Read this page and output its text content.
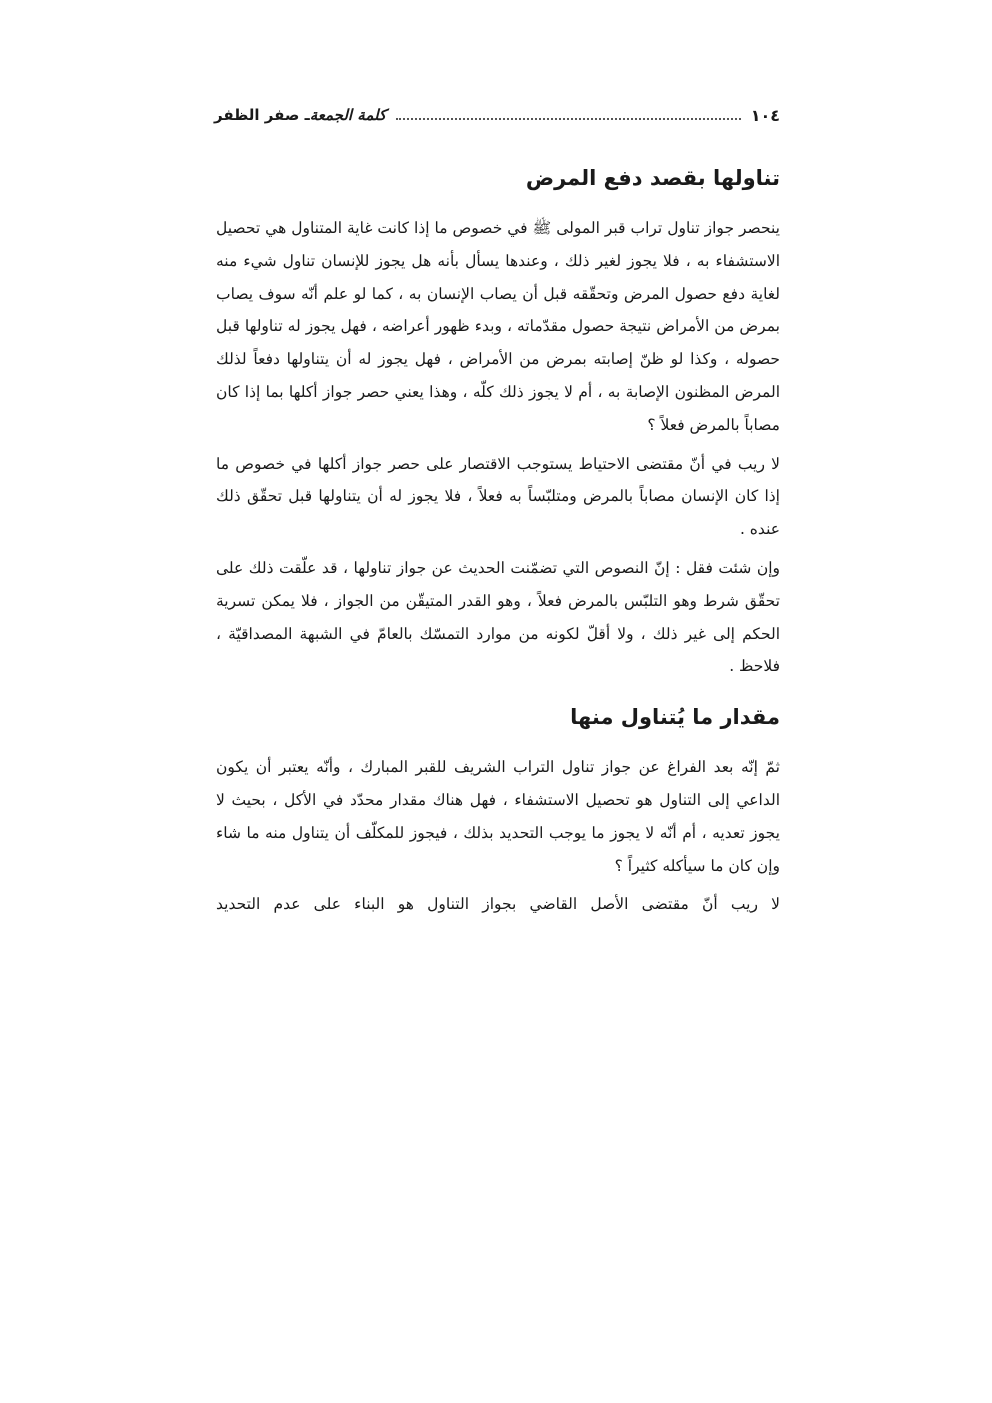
١٠٤
كلمة الجمعةـ صفر الظفر
تناولها بقصد دفع المرض

ينحصر جواز تناول تراب قبر المولى ﷺ في خصوص ما إذا كانت غاية المتناول هي تحصيل الاستشفاء به ، فلا يجوز لغير ذلك ، وعندها يسأل بأنه هل يجوز للإنسان تناول شيء منه لغاية دفع حصول المرض وتحقّقه قبل أن يصاب الإنسان به ، كما لو علم أنّه سوف يصاب بمرض من الأمراض نتيجة حصول مقدّماته ، وبدء ظهور أعراضه ، فهل يجوز له تناولها قبل حصوله ، وكذا لو ظنّ إصابته بمرض من الأمراض ، فهل يجوز له أن يتناولها دفعاً لذلك المرض المظنون الإصابة به ، أم لا يجوز ذلك كلّه ، وهذا يعني حصر جواز أكلها بما إذا كان مصاباً بالمرض فعلاً ؟

لا ريب في أنّ مقتضى الاحتياط يستوجب الاقتصار على حصر جواز أكلها في خصوص ما إذا كان الإنسان مصاباً بالمرض ومتلبّساً به فعلاً ، فلا يجوز له أن يتناولها قبل تحقّق ذلك عنده .

وإن شئت فقل : إنّ النصوص التي تضمّنت الحديث عن جواز تناولها ، قد علّقت ذلك على تحقّق شرط وهو التلبّس بالمرض فعلاً ، وهو القدر المتيقّن من الجواز ، فلا يمكن تسرية الحكم إلى غير ذلك ، ولا أقلّ لكونه من موارد التمسّك بالعامّ في الشبهة المصداقيّة ، فلاحظ .

مقدار ما يُتناول منها

ثمّ إنّه بعد الفراغ عن جواز تناول التراب الشريف للقبر المبارك ، وأنّه يعتبر أن يكون الداعي إلى التناول هو تحصيل الاستشفاء ، فهل هناك مقدار محدّد في الأكل ، بحيث لا يجوز تعديه ، أم أنّه لا يجوز ما يوجب التحديد بذلك ، فيجوز للمكلّف أن يتناول منه ما شاء وإن كان ما سيأكله كثيراً ؟

لا ريب أنّ مقتضى الأصل القاضي بجواز التناول هو البناء على عدم التحديد
